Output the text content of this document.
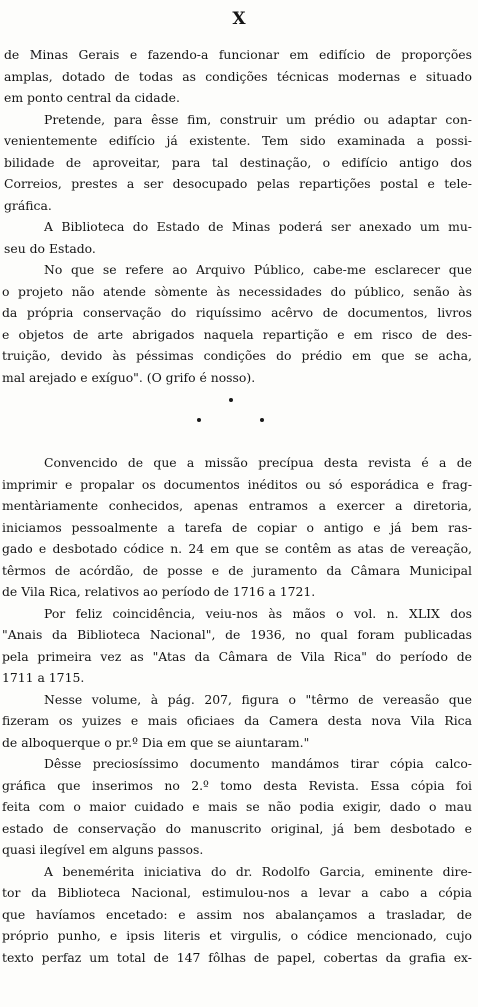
X
de Minas Gerais e fazendo-a funcionar em edifício de proporções
amplas, dotado de todas as condições técnicas modernas e situado
em ponto central da cidade.
Pretende, para êsse fim, construir um prédio ou adaptar con-
venientemente edifício já existente. Tem sido examinada a possi-
bilidade de aproveitar, para tal destinação, o edifício antigo dos
Correios, prestes a ser desocupado pelas repartições postal e tele-
gráfica.
A Biblioteca do Estado de Minas poderá ser anexado um mu-
seu do Estado.
No que se refere ao Arquivo Público, cabe-me esclarecer que
o projeto não atende sòmente às necessidades do público, senão às
da própria conservação do riquíssimo acêrvo de documentos, livros
e objetos de arte abrigados naquela repartição e em risco de des-
truição, devido às péssimas condições do prédio em que se acha,
mal arejado e exíguo". (O grifo é nosso).
Convencido de que a missão precípua desta revista é a de
imprimir e propalar os documentos inéditos ou só esporádica e frag-
mentàriamente conhecidos, apenas entramos a exercer a diretoria,
iniciamos pessoalmente a tarefa de copiar o antigo e já bem ras-
gado e desbotado códice n. 24 em que se contêm as atas de vereação,
têrmos de acórdão, de posse e de juramento da Câmara Municipal
de Vila Rica, relativos ao período de 1716 a 1721.
Por feliz coincidência, veiu-nos às mãos o vol. n. XLIX dos
"Anais da Biblioteca Nacional", de 1936, no qual foram publicadas
pela primeira vez as "Atas da Câmara de Vila Rica" do período de
1711 a 1715.
Nesse volume, à pág. 207, figura o "têrmo de vereasão que
fizeram os yuizes e mais oficiaes da Camera desta nova Vila Rica
de alboquerque o pr.º Dia em que se aiuntaram."
Dêsse preciosíssimo documento mandámos tirar cópia calco-
gráfica que inserimos no 2.º tomo desta Revista. Essa cópia foi
feita com o maior cuidado e mais se não podia exigir, dado o mau
estado de conservação do manuscrito original, já bem desbotado e
quasi ilegível em alguns passos.
A benemérita iniciativa do dr. Rodolfo Garcia, eminente dire-
tor da Biblioteca Nacional, estimulou-nos a levar a cabo a cópia
que havíamos encetado: e assim nos abalançamos a trasladar, de
próprio punho, e ipsis literis et virgulis, o códice mencionado, cujo
texto perfaz um total de 147 fôlhas de papel, cobertas da grafia ex-
